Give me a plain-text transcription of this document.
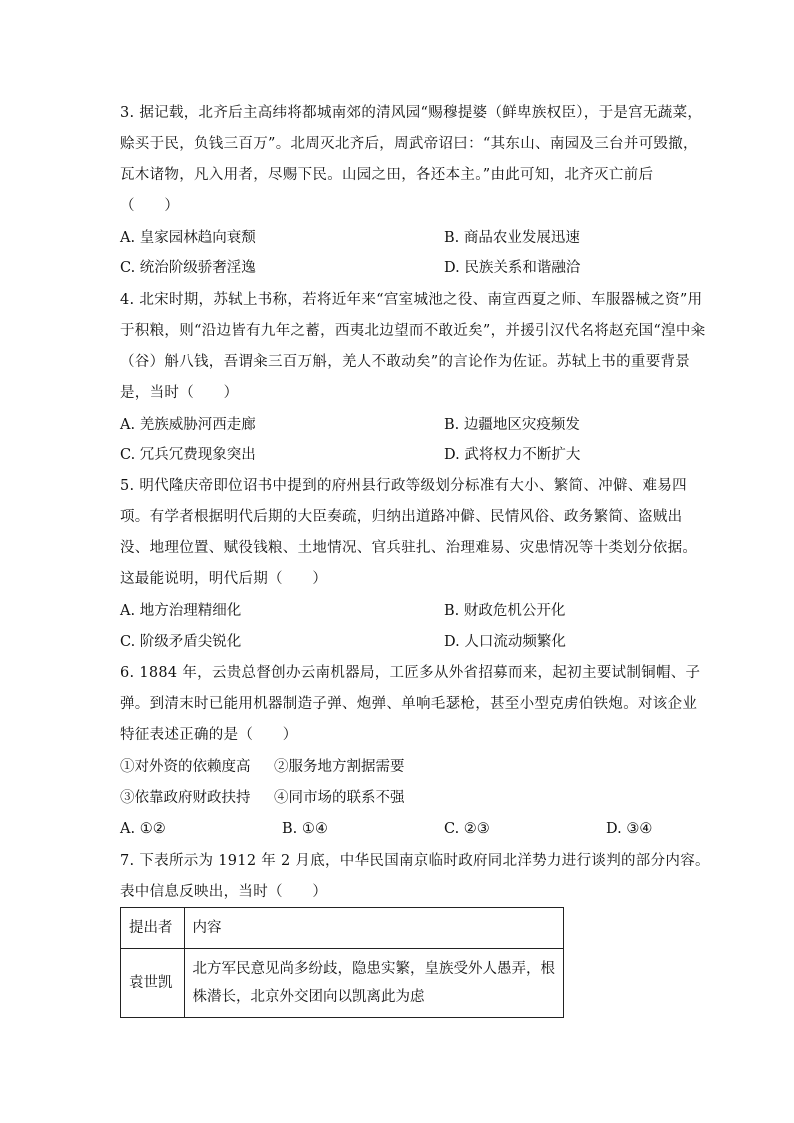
3. 据记载，北齐后主高纬将都城南郊的清风园“赐穆提婆（鲜卑族权臣），于是宫无蔬菜，
赊买于民，负钱三百万”。北周灭北齐后，周武帝诏曰：“其东山、南园及三台并可毁撤，
瓦木诸物，凡入用者，尽赐下民。山园之田，各还本主。”由此可知，北齐灭亡前后
（　　）
A. 皇家园林趋向衰颓	B. 商品农业发展迅速
C. 统治阶级骄奢淫逸	D. 民族关系和谐融洽
4. 北宋时期，苏轼上书称，若将近年来“宫室城池之役、南宣西夏之师、车服器械之资”用
于积粮，则“沿边皆有九年之蓄，西夷北边望而不敢近矣”，并援引汉代名将赵充国“湟中籴
（谷）斛八钱，吾谓籴三百万斛，羌人不敢动矣”的言论作为佐证。苏轼上书的重要背景
是，当时（　　）
A. 羌族威胁河西走廊	B. 边疆地区灾疫频发
C. 冗兵冗费现象突出	D. 武将权力不断扩大
5. 明代隆庆帝即位诏书中提到的府州县行政等级划分标准有大小、繁简、冲僻、难易四
项。有学者根据明代后期的大臣奏疏，归纳出道路冲僻、民情风俗、政务繁简、盗贼出
没、地理位置、赋役钱粮、土地情况、官兵驻扎、治理难易、灾患情况等十类划分依据。
这最能说明，明代后期（　　）
A. 地方治理精细化	B. 财政危机公开化
C. 阶级矛盾尖锐化	D. 人口流动频繁化
6. 1884 年，云贵总督创办云南机器局，工匠多从外省招募而来，起初主要试制铜帽、子
弹。到清末时已能用机器制造子弹、炮弹、单响毛瑟枪，甚至小型克虏伯铁炮。对该企业
特征表述正确的是（　　）
①对外资的依赖度高 ②服务地方割据需要
③依靠政府财政扶持 ④同市场的联系不强
A. ①②	B. ①④	C. ②③	D. ③④
7. 下表所示为 1912 年 2 月底，中华民国南京临时政府同北洋势力进行谈判的部分内容。
表中信息反映出，当时（　　）
提出者	内容
袁世凯	北方军民意见尚多纷歧，隐患实繁，皇族受外人愚弄，根
株潜长，北京外交团向以凯离此为虑
